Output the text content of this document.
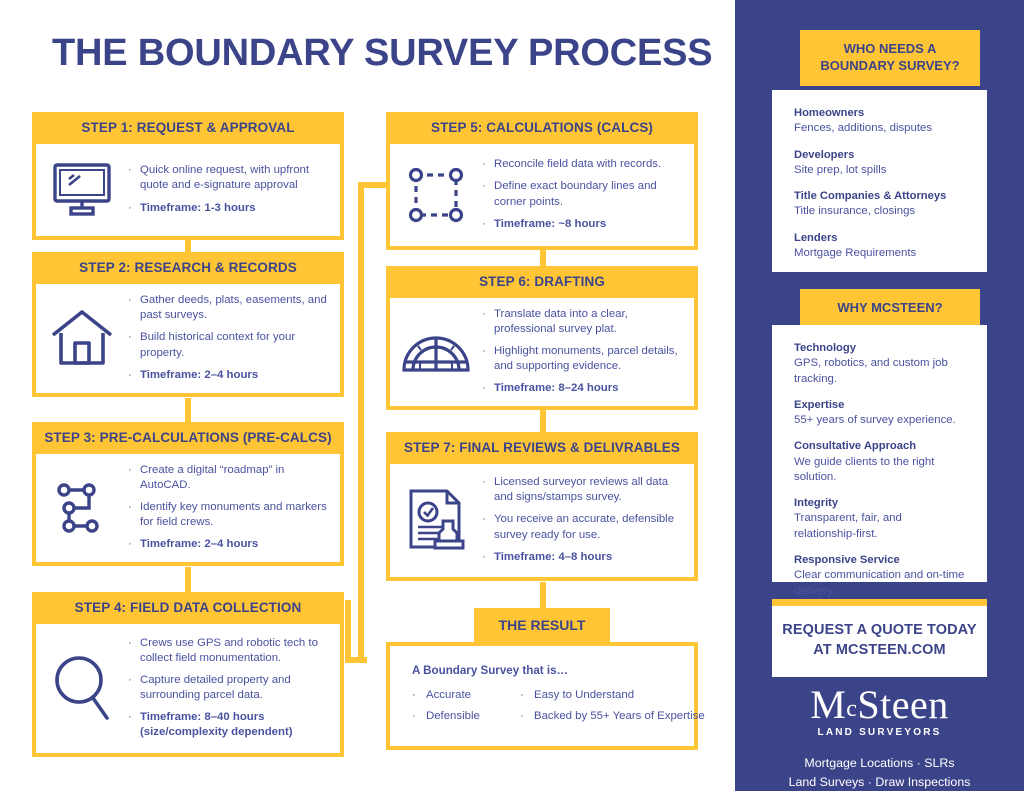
THE BOUNDARY SURVEY PROCESS
STEP 1: REQUEST & APPROVAL
· Quick online request, with upfront quote and e-signature approval
· Timeframe: 1-3 hours
STEP 2: RESEARCH & RECORDS
· Gather deeds, plats, easements, and past surveys.
· Build historical context for your property.
· Timeframe: 2–4 hours
STEP 3: PRE-CALCULATIONS (PRE-CALCS)
· Create a digital “roadmap” in AutoCAD.
· Identify key monuments and markers for field crews.
· Timeframe: 2–4 hours
STEP 4: FIELD DATA COLLECTION
· Crews use GPS and robotic tech to collect field monumentation.
· Capture detailed property and surrounding parcel data.
· Timeframe: 8–40 hours (size/complexity dependent)
STEP 5: CALCULATIONS (CALCS)
· Reconcile field data with records.
· Define exact boundary lines and corner points.
· Timeframe: ~8 hours
STEP 6: DRAFTING
· Translate data into a clear, professional survey plat.
· Highlight monuments, parcel details, and supporting evidence.
· Timeframe: 8–24 hours
STEP 7: FINAL REVIEWS & DELIVRABLES
· Licensed surveyor reviews all data and signs/stamps survey.
· You receive an accurate, defensible survey ready for use.
· Timeframe: 4–8 hours
THE RESULT
A Boundary Survey that is…
· Accurate
· Defensible
· Easy to Understand
· Backed by 55+ Years of Expertise
WHO NEEDS A BOUNDARY SURVEY?
Homeowners
Fences, additions, disputes
Developers
Site prep, lot spills
Title Companies & Attorneys
Title insurance, closings
Lenders
Mortgage Requirements
WHY MCSTEEN?
Technology
GPS, robotics, and custom job tracking.
Expertise
55+ years of survey experience.
Consultative Approach
We guide clients to the right solution.
Integrity
Transparent, fair, and relationship-first.
Responsive Service
Clear communication and on-time delivery.
REQUEST A QUOTE TODAY
AT MCSTEEN.COM
McSteen
LAND SURVEYORS
Mortgage Locations · SLRs
Land Surveys · Draw Inspections
